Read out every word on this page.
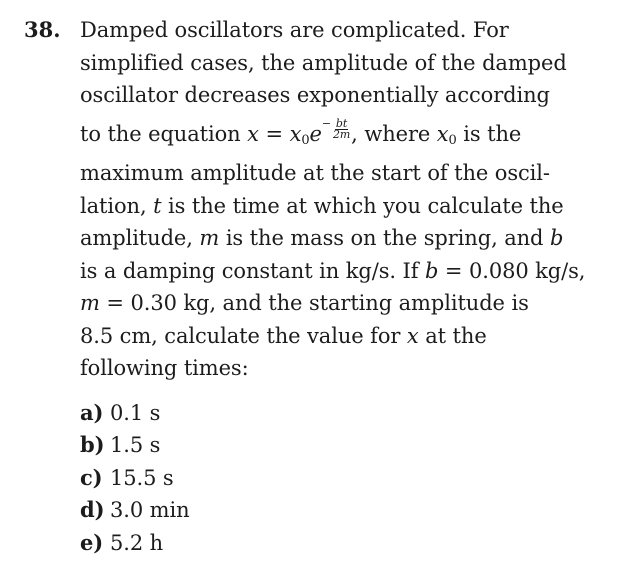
38. Damped oscillators are complicated. For
simplified cases, the amplitude of the damped
oscillator decreases exponentially according
to the equation $x = x0e- \frac{bt}{2m}$ , where x0 is the
maximum amplitude at the start of the oscil-
lation, t is the time at which you calculate the
amplitude, m is the mass on the spring, and b
is a damping constant in kg/s. If b = 0.080 kg/s,
m = 0.30 kg, and the starting amplitude is
8.5 cm, calculate the value for x at the
following times:
a) 0.1 s
b) 1.5 s
c) 15.5 s
d) 3.0 min
e) 5.2 h
